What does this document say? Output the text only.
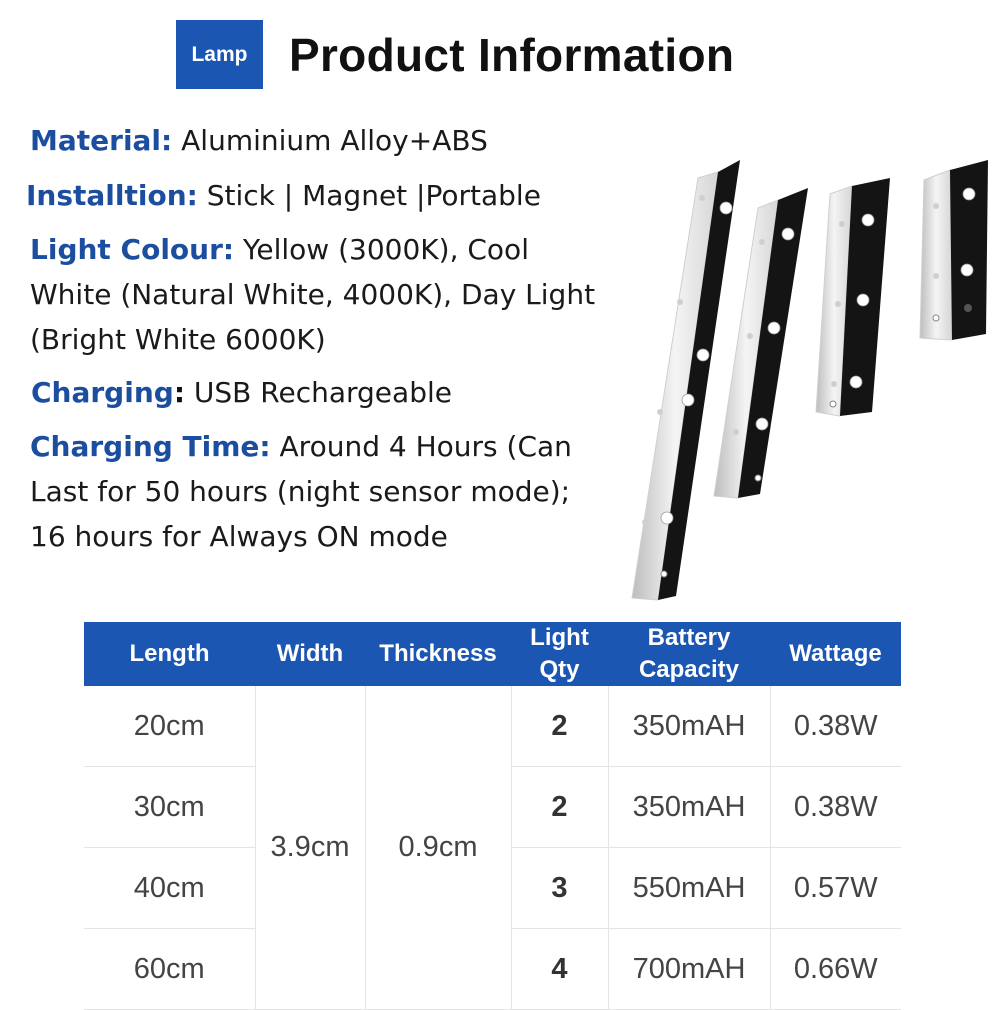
Lamp Product Information
Material: Aluminium Alloy+ABS
Installtion: Stick | Magnet |Portable
Light Colour: Yellow (3000K), Cool White (Natural White, 4000K), Day Light (Bright White 6000K)
Charging: USB Rechargeable
Charging Time: Around 4 Hours (Can Last for 50 hours (night sensor mode); 16 hours for Always ON mode
Length	Width	Thickness	Light Qty	Battery Capacity	Wattage
20cm	3.9cm	0.9cm	2	350mAH	0.38W
30cm			2	350mAH	0.38W
40cm			3	550mAH	0.57W
60cm			4	700mAH	0.66W
